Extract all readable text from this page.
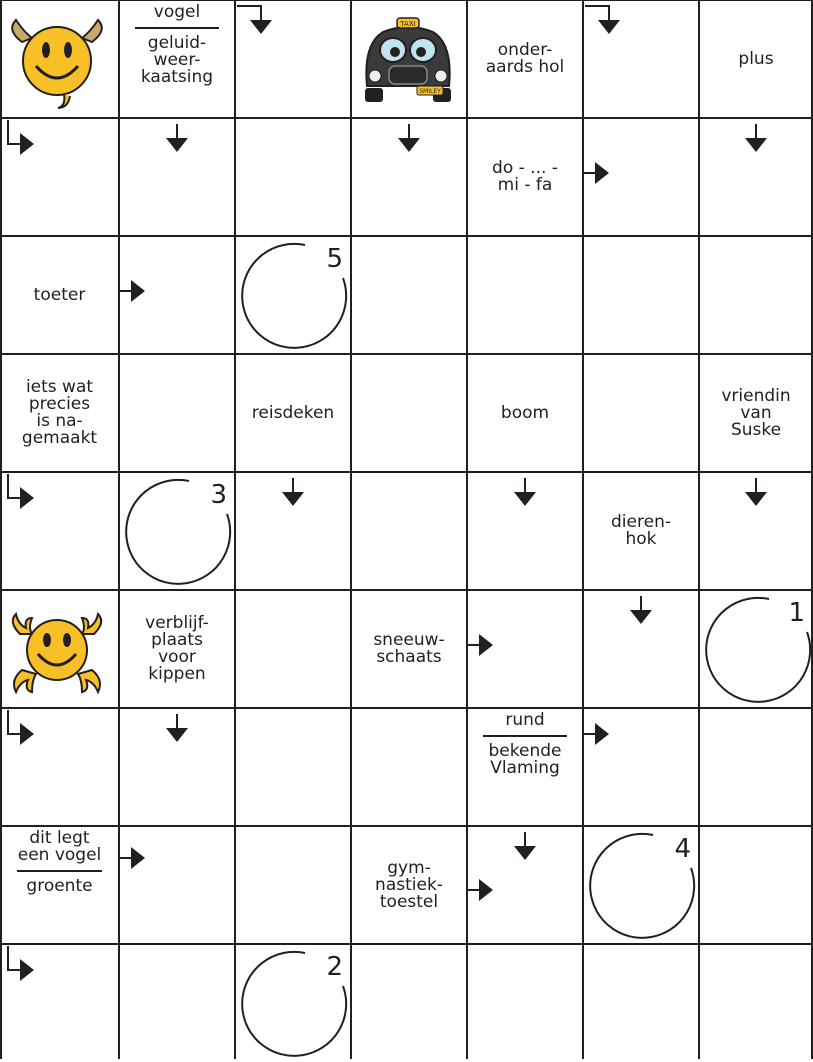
vogel
geluid-
weer-
kaatsing
TAXI
SMILEY
onder-
aards hol	plus
do - ... -
mi - fa
toeter
5
iets wat
precies
is na-
gemaakt
reisdeken	boom
vriendin
van
Suske
3
dieren-
hok
verblijf-
plaats
voor
kippen
sneeuw-
schaats
1
rund
bekende
Vlaming
dit legt
een vogel
groente
gym-
nastiek-
toestel
4
2
